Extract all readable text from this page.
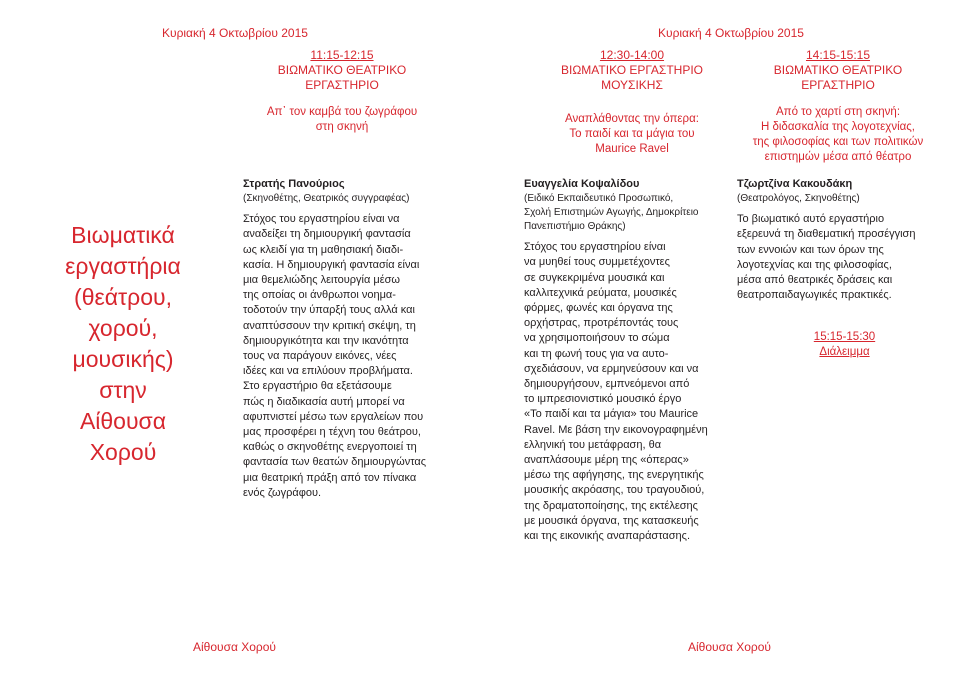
Κυριακή 4 Οκτωβρίου 2015	Κυριακή 4 Οκτωβρίου 2015
11:15-12:15
ΒΙΩΜΑΤΙΚΟ ΘΕΑΤΡΙΚΟ
ΕΡΓΑΣΤΗΡΙΟ
12:30-14:00
ΒΙΩΜΑΤΙΚΟ ΕΡΓΑΣΤΗΡΙΟ
ΜΟΥΣΙΚΗΣ
14:15-15:15
ΒΙΩΜΑΤΙΚΟ ΘΕΑΤΡΙΚΟ
ΕΡΓΑΣΤΗΡΙΟ
Απ᾽ τον καμβά του ζωγράφου
στη σκηνή
Αναπλάθοντας την όπερα:
Το παιδί και τα μάγια του
Maurice Ravel
Από το χαρτί στη σκηνή:
Η διδασκαλία της λογοτεχνίας,
της φιλοσοφίας και των πολιτικών
επιστημών μέσα από θέατρο
Βιωματικά
εργαστήρια
(θεάτρου,
χορού,
μουσικής)
στην
Αίθουσα
Χορού
Στρατής Πανούριος
(Σκηνοθέτης, Θεατρικός συγγραφέας)
Στόχος του εργαστηρίου είναι να
αναδείξει τη δημιουργική φαντασία
ως κλειδί για τη μαθησιακή διαδι-
κασία. Η δημιουργική φαντασία είναι
μια θεμελιώδης λειτουργία μέσω
της οποίας οι άνθρωποι νοημα-
τοδοτούν την ύπαρξή τους αλλά και
αναπτύσσουν την κριτική σκέψη, τη
δημιουργικότητα και την ικανότητα
τους να παράγουν εικόνες, νέες
ιδέες και να επιλύουν προβλήματα.
Στο εργαστήριο θα εξετάσουμε
πώς η διαδικασία αυτή μπορεί να
αφυπνιστεί μέσω των εργαλείων που
μας προσφέρει η τέχνη του θεάτρου,
καθώς ο σκηνοθέτης ενεργοποιεί τη
φαντασία των θεατών δημιουργώντας
μια θεατρική πράξη από τον πίνακα
ενός ζωγράφου.
Ευαγγελία Κοψαλίδου
(Ειδικό Εκπαιδευτικό Προσωπικό,
Σχολή Επιστημών Αγωγής, Δημοκρίτειο
Πανεπιστήμιο Θράκης)
Στόχος του εργαστηρίου είναι
να μυηθεί τους συμμετέχοντες
σε συγκεκριμένα μουσικά και
καλλιτεχνικά ρεύματα, μουσικές
φόρμες, φωνές και όργανα της
ορχήστρας, προτρέποντάς τους
να χρησιμοποιήσουν το σώμα
και τη φωνή τους για να αυτο-
σχεδιάσουν, να ερμηνεύσουν και να
δημιουργήσουν, εμπνεόμενοι από
το ιμπρεσιονιστικό μουσικό έργο
«Το παιδί και τα μάγια» του Maurice
Ravel. Με βάση την εικονογραφημένη
ελληνική του μετάφραση, θα
αναπλάσουμε μέρη της «όπερας»
μέσω της αφήγησης, της ενεργητικής
μουσικής ακρόασης, του τραγουδιού,
της δραματοποίησης, της εκτέλεσης
με μουσικά όργανα, της κατασκευής
και της εικονικής αναπαράστασης.
Τζωρτζίνα Κακουδάκη
(Θεατρολόγος, Σκηνοθέτης)
Το βιωματικό αυτό εργαστήριο
εξερευνά τη διαθεματική προσέγγιση
των εννοιών και των όρων της
λογοτεχνίας και της φιλοσοφίας,
μέσα από θεατρικές δράσεις και
θεατροπαιδαγωγικές πρακτικές.
15:15-15:30
Διάλειμμα
Αίθουσα Χορού	Αίθουσα Χορού
